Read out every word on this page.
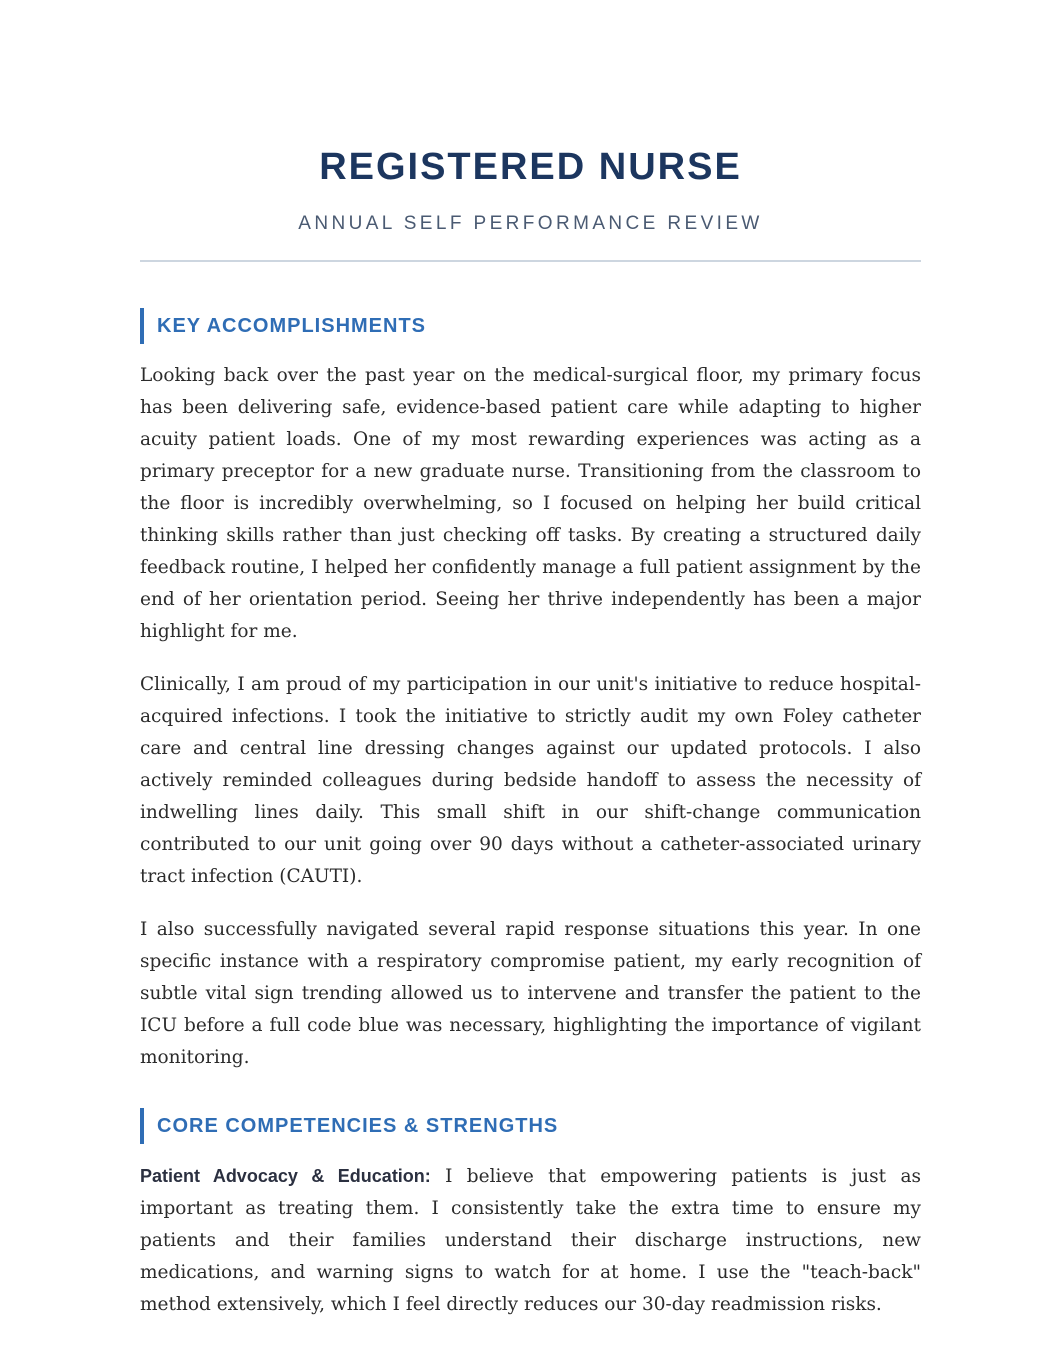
REGISTERED NURSE

ANNUAL SELF PERFORMANCE REVIEW

KEY ACCOMPLISHMENTS

Looking back over the past year on the medical-surgical floor, my primary focus has been delivering safe, evidence-based patient care while adapting to higher acuity patient loads. One of my most rewarding experiences was acting as a primary preceptor for a new graduate nurse. Transitioning from the classroom to the floor is incredibly overwhelming, so I focused on helping her build critical thinking skills rather than just checking off tasks. By creating a structured daily feedback routine, I helped her confidently manage a full patient assignment by the end of her orientation period. Seeing her thrive independently has been a major highlight for me.

Clinically, I am proud of my participation in our unit's initiative to reduce hospital-acquired infections. I took the initiative to strictly audit my own Foley catheter care and central line dressing changes against our updated protocols. I also actively reminded colleagues during bedside handoff to assess the necessity of indwelling lines daily. This small shift in our shift-change communication contributed to our unit going over 90 days without a catheter-associated urinary tract infection (CAUTI).

I also successfully navigated several rapid response situations this year. In one specific instance with a respiratory compromise patient, my early recognition of subtle vital sign trending allowed us to intervene and transfer the patient to the ICU before a full code blue was necessary, highlighting the importance of vigilant monitoring.

CORE COMPETENCIES & STRENGTHS

Patient Advocacy & Education: I believe that empowering patients is just as important as treating them. I consistently take the extra time to ensure my patients and their families understand their discharge instructions, new medications, and warning signs to watch for at home. I use the "teach-back" method extensively, which I feel directly reduces our 30-day readmission risks.
